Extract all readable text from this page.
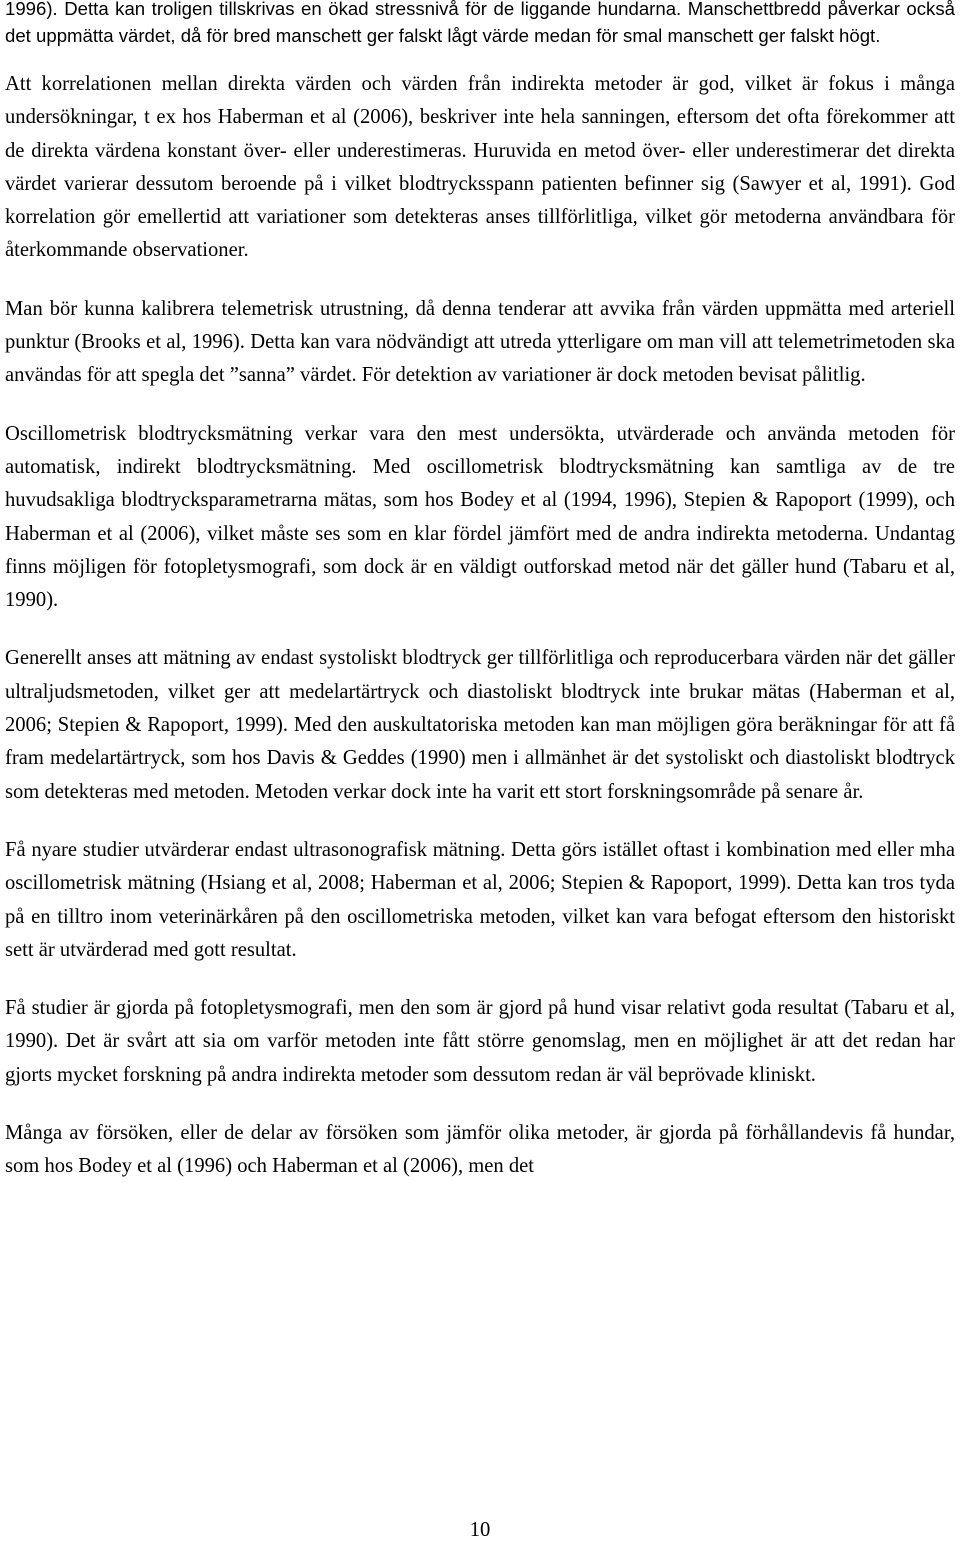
1996). Detta kan troligen tillskrivas en ökad stressnivå för de liggande hundarna. Manschettbredd påverkar också det uppmätta värdet, då för bred manschett ger falskt lågt värde medan för smal manschett ger falskt högt.

Att korrelationen mellan direkta värden och värden från indirekta metoder är god, vilket är fokus i många undersökningar, t ex hos Haberman et al (2006), beskriver inte hela sanningen, eftersom det ofta förekommer att de direkta värdena konstant över- eller underestimeras. Huruvida en metod över- eller underestimerar det direkta värdet varierar dessutom beroende på i vilket blodtrycksspann patienten befinner sig (Sawyer et al, 1991). God korrelation gör emellertid att variationer som detekteras anses tillförlitliga, vilket gör metoderna användbara för återkommande observationer.

Man bör kunna kalibrera telemetrisk utrustning, då denna tenderar att avvika från värden uppmätta med arteriell punktur (Brooks et al, 1996). Detta kan vara nödvändigt att utreda ytterligare om man vill att telemetrimetoden ska användas för att spegla det ”sanna” värdet. För detektion av variationer är dock metoden bevisat pålitlig.

Oscillometrisk blodtrycksmätning verkar vara den mest undersökta, utvärderade och använda metoden för automatisk, indirekt blodtrycksmätning. Med oscillometrisk blodtrycksmätning kan samtliga av de tre huvudsakliga blodtrycksparametrarna mätas, som hos Bodey et al (1994, 1996), Stepien & Rapoport (1999), och Haberman et al (2006), vilket måste ses som en klar fördel jämfört med de andra indirekta metoderna. Undantag finns möjligen för fotopletysmografi, som dock är en väldigt outforskad metod när det gäller hund (Tabaru et al, 1990).

Generellt anses att mätning av endast systoliskt blodtryck ger tillförlitliga och reproducerbara värden när det gäller ultraljudsmetoden, vilket ger att medelartärtryck och diastoliskt blodtryck inte brukar mätas (Haberman et al, 2006; Stepien & Rapoport, 1999). Med den auskultatoriska metoden kan man möjligen göra beräkningar för att få fram medelartärtryck, som hos Davis & Geddes (1990) men i allmänhet är det systoliskt och diastoliskt blodtryck som detekteras med metoden. Metoden verkar dock inte ha varit ett stort forskningsområde på senare år.

Få nyare studier utvärderar endast ultrasonografisk mätning. Detta görs istället oftast i kombination med eller mha oscillometrisk mätning (Hsiang et al, 2008; Haberman et al, 2006; Stepien & Rapoport, 1999). Detta kan tros tyda på en tilltro inom veterinärkåren på den oscillometriska metoden, vilket kan vara befogat eftersom den historiskt sett är utvärderad med gott resultat.

Få studier är gjorda på fotopletysmografi, men den som är gjord på hund visar relativt goda resultat (Tabaru et al, 1990). Det är svårt att sia om varför metoden inte fått större genomslag, men en möjlighet är att det redan har gjorts mycket forskning på andra indirekta metoder som dessutom redan är väl beprövade kliniskt.

Många av försöken, eller de delar av försöken som jämför olika metoder, är gjorda på förhållandevis få hundar, som hos Bodey et al (1996) och Haberman et al (2006), men det

10
